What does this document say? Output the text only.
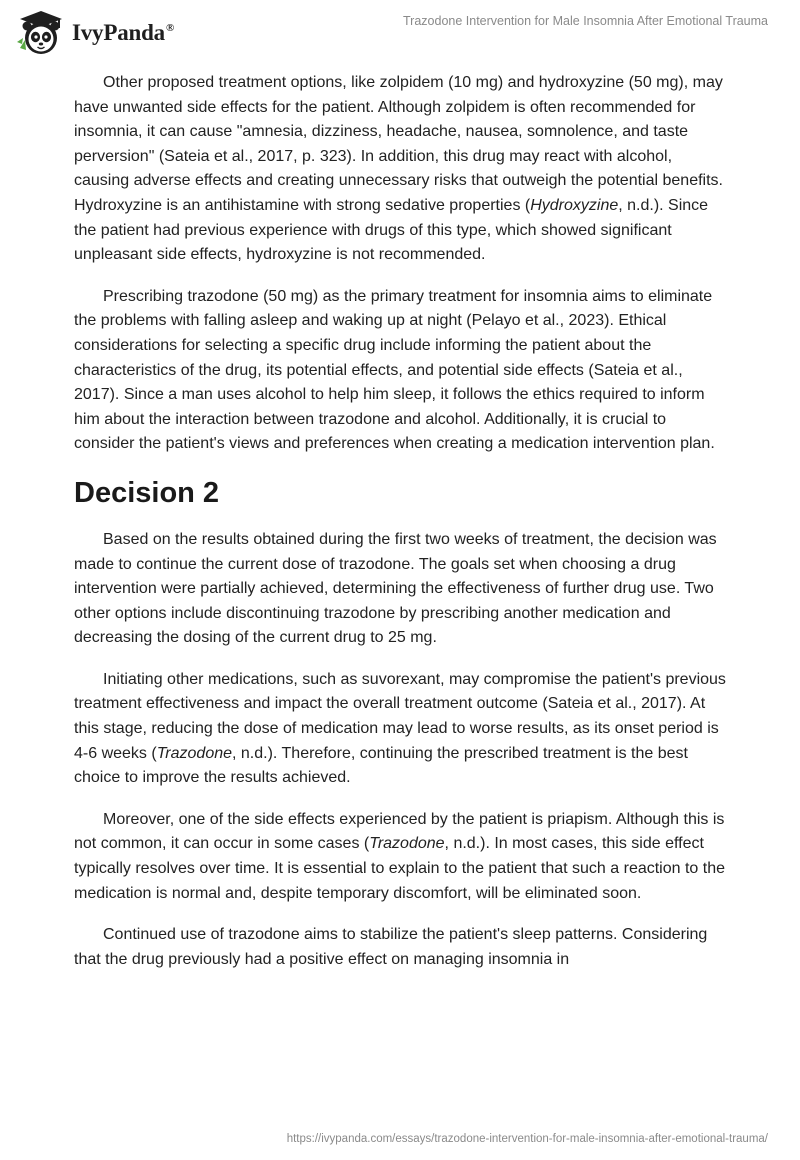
IvyPanda®
Trazodone Intervention for Male Insomnia After Emotional Trauma

Other proposed treatment options, like zolpidem (10 mg) and hydroxyzine (50 mg), may have unwanted side effects for the patient. Although zolpidem is often recommended for insomnia, it can cause "amnesia, dizziness, headache, nausea, somnolence, and taste perversion" (Sateia et al., 2017, p. 323). In addition, this drug may react with alcohol, causing adverse effects and creating unnecessary risks that outweigh the potential benefits. Hydroxyzine is an antihistamine with strong sedative properties (Hydroxyzine, n.d.). Since the patient had previous experience with drugs of this type, which showed significant unpleasant side effects, hydroxyzine is not recommended.

Prescribing trazodone (50 mg) as the primary treatment for insomnia aims to eliminate the problems with falling asleep and waking up at night (Pelayo et al., 2023). Ethical considerations for selecting a specific drug include informing the patient about the characteristics of the drug, its potential effects, and potential side effects (Sateia et al., 2017). Since a man uses alcohol to help him sleep, it follows the ethics required to inform him about the interaction between trazodone and alcohol. Additionally, it is crucial to consider the patient's views and preferences when creating a medication intervention plan.

Decision 2

Based on the results obtained during the first two weeks of treatment, the decision was made to continue the current dose of trazodone. The goals set when choosing a drug intervention were partially achieved, determining the effectiveness of further drug use. Two other options include discontinuing trazodone by prescribing another medication and decreasing the dosing of the current drug to 25 mg.

Initiating other medications, such as suvorexant, may compromise the patient's previous treatment effectiveness and impact the overall treatment outcome (Sateia et al., 2017). At this stage, reducing the dose of medication may lead to worse results, as its onset period is 4-6 weeks (Trazodone, n.d.). Therefore, continuing the prescribed treatment is the best choice to improve the results achieved.

Moreover, one of the side effects experienced by the patient is priapism. Although this is not common, it can occur in some cases (Trazodone, n.d.). In most cases, this side effect typically resolves over time. It is essential to explain to the patient that such a reaction to the medication is normal and, despite temporary discomfort, will be eliminated soon.

Continued use of trazodone aims to stabilize the patient's sleep patterns. Considering that the drug previously had a positive effect on managing insomnia in

https://ivypanda.com/essays/trazodone-intervention-for-male-insomnia-after-emotional-trauma/
